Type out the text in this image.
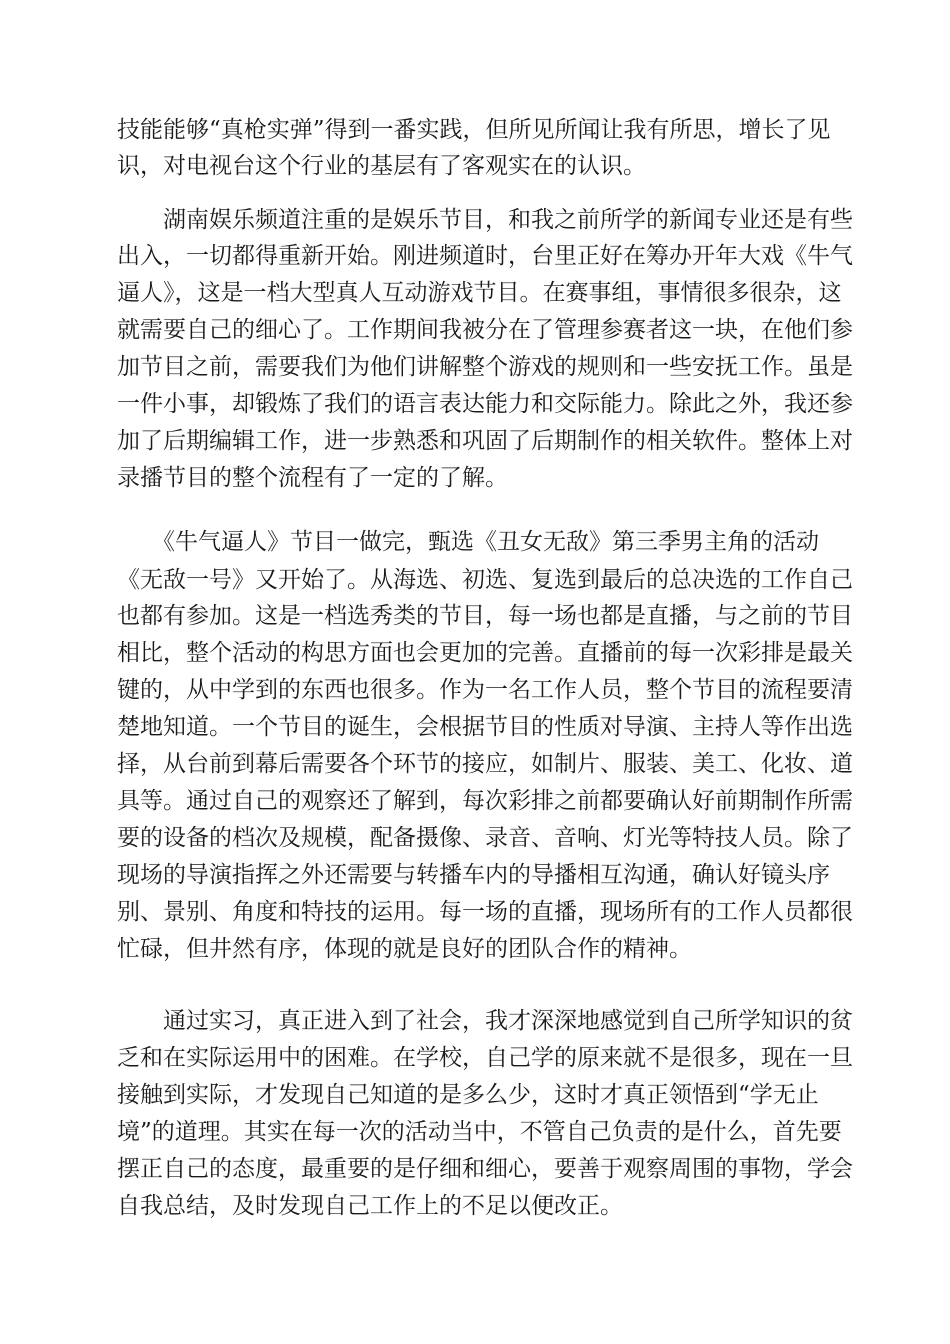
技能能够“真枪实弹”得到一番实践，但所见所闻让我有所思，增长了见
识，对电视台这个行业的基层有了客观实在的认识。
湖南娱乐频道注重的是娱乐节目，和我之前所学的新闻专业还是有些
出入，一切都得重新开始。刚进频道时，台里正好在筹办开年大戏《牛气
逼人》，这是一档大型真人互动游戏节目。在赛事组，事情很多很杂，这
就需要自己的细心了。工作期间我被分在了管理参赛者这一块，在他们参
加节目之前，需要我们为他们讲解整个游戏的规则和一些安抚工作。虽是
一件小事，却锻炼了我们的语言表达能力和交际能力。除此之外，我还参
加了后期编辑工作，进一步熟悉和巩固了后期制作的相关软件。整体上对
录播节目的整个流程有了一定的了解。
《牛气逼人》节目一做完，甄选《丑女无敌》第三季男主角的活动
《无敌一号》又开始了。从海选、初选、复选到最后的总决选的工作自己
也都有参加。这是一档选秀类的节目，每一场也都是直播，与之前的节目
相比，整个活动的构思方面也会更加的完善。直播前的每一次彩排是最关
键的，从中学到的东西也很多。作为一名工作人员，整个节目的流程要清
楚地知道。一个节目的诞生，会根据节目的性质对导演、主持人等作出选
择，从台前到幕后需要各个环节的接应，如制片、服装、美工、化妆、道
具等。通过自己的观察还了解到，每次彩排之前都要确认好前期制作所需
要的设备的档次及规模，配备摄像、录音、音响、灯光等特技人员。除了
现场的导演指挥之外还需要与转播车内的导播相互沟通，确认好镜头序
别、景别、角度和特技的运用。每一场的直播，现场所有的工作人员都很
忙碌，但井然有序，体现的就是良好的团队合作的精神。
通过实习，真正进入到了社会，我才深深地感觉到自己所学知识的贫
乏和在实际运用中的困难。在学校，自己学的原来就不是很多，现在一旦
接触到实际，才发现自己知道的是多么少，这时才真正领悟到“学无止
境”的道理。其实在每一次的活动当中，不管自己负责的是什么，首先要
摆正自己的态度，最重要的是仔细和细心，要善于观察周围的事物，学会
自我总结，及时发现自己工作上的不足以便改正。
